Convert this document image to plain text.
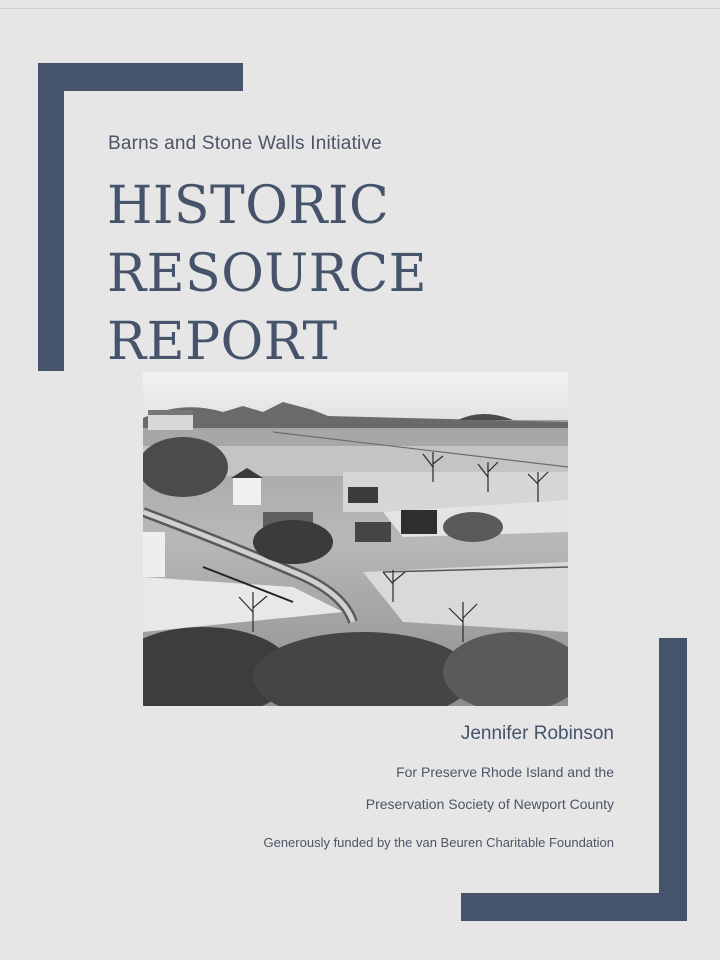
Barns and Stone Walls Initiative
HISTORIC
RESOURCE
REPORT
Jennifer Robinson
For Preserve Rhode Island and the
Preservation Society of Newport County
Generously funded by the van Beuren Charitable Foundation
